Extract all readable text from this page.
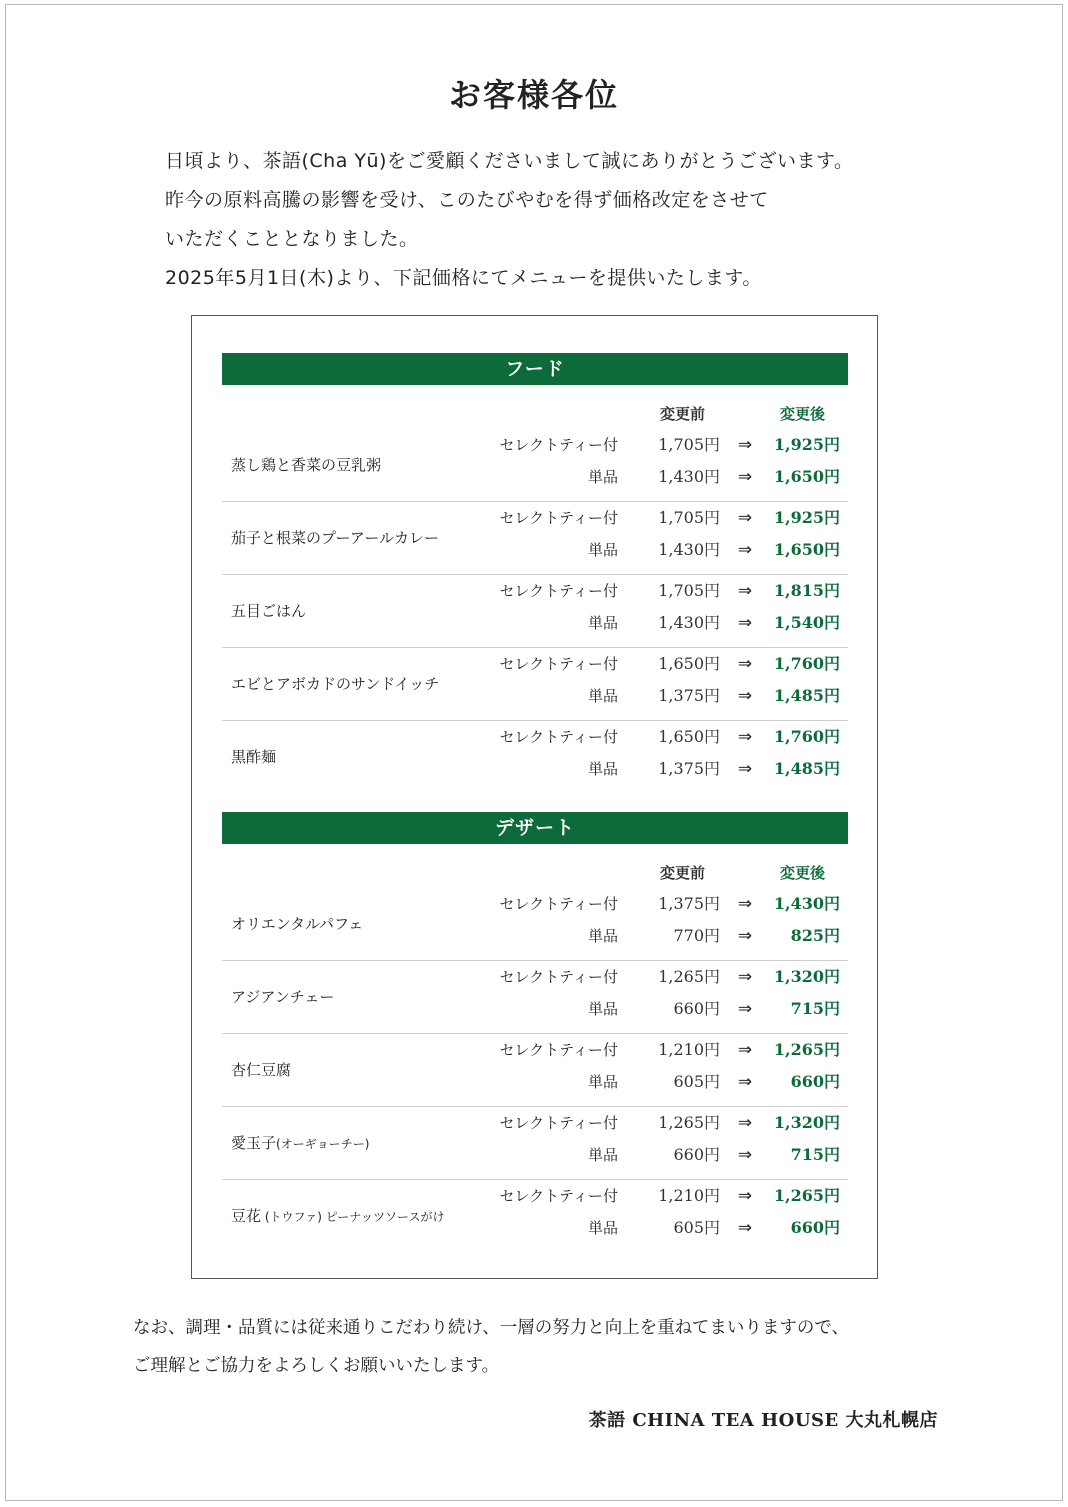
お客様各位

日頃より、茶語(Cha Yū)をご愛顧くださいまして誠にありがとうございます。

昨今の原料高騰の影響を受け、このたびやむを得ず価格改定をさせて

いただくこととなりました。

2025年5月1日(木)より、下記価格にてメニューを提供いたします。

フード
変更前	変更後
蒸し鶏と香菜の豆乳粥
セレクトティー付	1,705円 ⇒ 1,925円
単品	1,430円 ⇒ 1,650円
茄子と根菜のプーアールカレー
セレクトティー付	1,705円 ⇒ 1,925円
単品	1,430円 ⇒ 1,650円
五目ごはん
セレクトティー付	1,705円 ⇒ 1,815円
単品	1,430円 ⇒ 1,540円
エビとアボカドのサンドイッチ
セレクトティー付	1,650円 ⇒ 1,760円
単品	1,375円 ⇒ 1,485円
黒酢麺
セレクトティー付	1,650円 ⇒ 1,760円
単品	1,375円 ⇒ 1,485円
デザート
変更前	変更後
オリエンタルパフェ
セレクトティー付	1,375円 ⇒ 1,430円
単品	770円 ⇒ 825円
アジアンチェー
セレクトティー付	1,265円 ⇒ 1,320円
単品	660円 ⇒ 715円
杏仁豆腐
セレクトティー付	1,210円 ⇒ 1,265円
単品	605円 ⇒ 660円
愛玉子(オーギョーチー)
セレクトティー付	1,265円 ⇒ 1,320円
単品	660円 ⇒ 715円
豆花 (トウファ) ピーナッツソースがけ
セレクトティー付	1,210円 ⇒ 1,265円
単品	605円 ⇒ 660円

なお、調理・品質には従来通りこだわり続け、一層の努力と向上を重ねてまいりますので、

ご理解とご協力をよろしくお願いいたします。

茶語 CHINA TEA HOUSE 大丸札幌店
